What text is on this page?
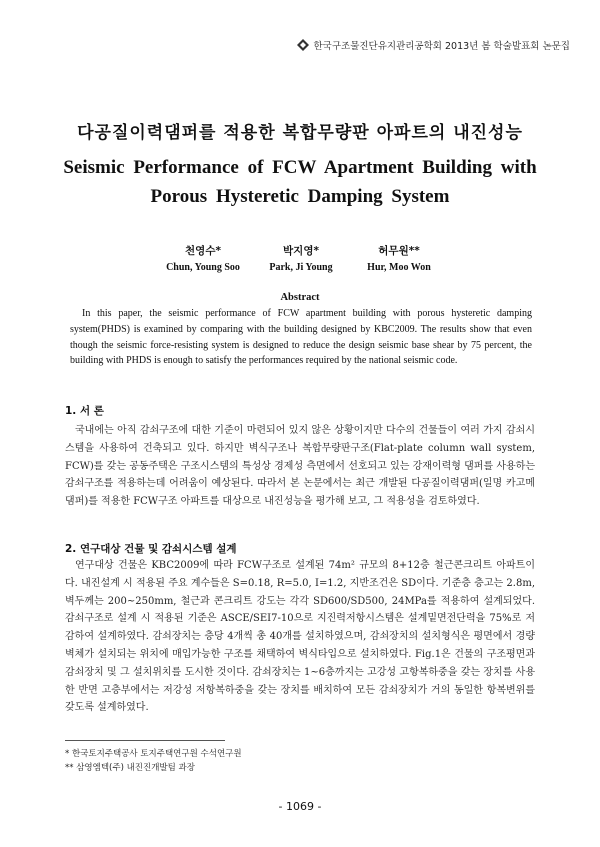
한국구조물진단유지관리공학회 2013년 봄 학술발표회 논문집
다공질이력댐퍼를 적용한 복합무량판 아파트의 내진성능
Seismic Performance of FCW Apartment Building with
Porous Hysteretic Damping System
천영수*
Chun, Young Soo
박지영*
Park, Ji Young
허무원**
Hur, Moo Won
Abstract
In this paper, the seismic performance of FCW apartment building with porous hysteretic damping system(PHDS) is examined by comparing with the building designed by KBC2009. The results show that even though the seismic force-resisting system is designed to reduce the design seismic base shear by 75 percent, the building with PHDS is enough to satisfy the performances required by the national seismic code.
1. 서 론
국내에는 아직 감쇠구조에 대한 기준이 마련되어 있지 않은 상황이지만 다수의 건물들이 여러 가지 감쇠시스템을 사용하여 건축되고 있다. 하지만 벽식구조나 복합무량판구조(Flat-plate column wall system, FCW)를 갖는 공동주택은 구조시스템의 특성상 경제성 측면에서 선호되고 있는 강재이력형 댐퍼를 사용하는 감쇠구조를 적용하는데 어려움이 예상된다. 따라서 본 논문에서는 최근 개발된 다공질이력댐퍼(일명 카고메댐퍼)를 적용한 FCW구조 아파트를 대상으로 내진성능을 평가해 보고, 그 적용성을 검토하였다.
2. 연구대상 건물 및 감쇠시스템 설계
연구대상 건물은 KBC2009에 따라 FCW구조로 설계된 74m² 규모의 8+12층 철근콘크리트 아파트이다. 내진설계 시 적용된 주요 계수들은 S=0.18, R=5.0, I=1.2, 지반조건은 SD이다. 기준층 층고는 2.8m, 벽두께는 200~250mm, 철근과 콘크리트 강도는 각각 SD600/SD500, 24MPa를 적용하여 설계되었다. 감쇠구조로 설계 시 적용된 기준은 ASCE/SEI7-10으로 지진력저항시스템은 설계밑면전단력을 75%로 저감하여 설계하였다. 감쇠장치는 층당 4개씩 총 40개를 설치하였으며, 감쇠장치의 설치형식은 평면에서 경량벽체가 설치되는 위치에 매입가능한 구조를 채택하여 벽식타입으로 설치하였다. Fig.1은 건물의 구조평면과 감쇠장치 및 그 설치위치를 도시한 것이다. 감쇠장치는 1~6층까지는 고강성 고항복하중을 갖는 장치를 사용한 반면 고층부에서는 저강성 저항복하중을 갖는 장치를 배치하여 모든 감쇠장치가 거의 동일한 항복변위를 갖도록 설계하였다.
* 한국토지주택공사 토지주택연구원 수석연구원
** 삼영엠텍(주) 내진진개발팀 과장
- 1069 -
